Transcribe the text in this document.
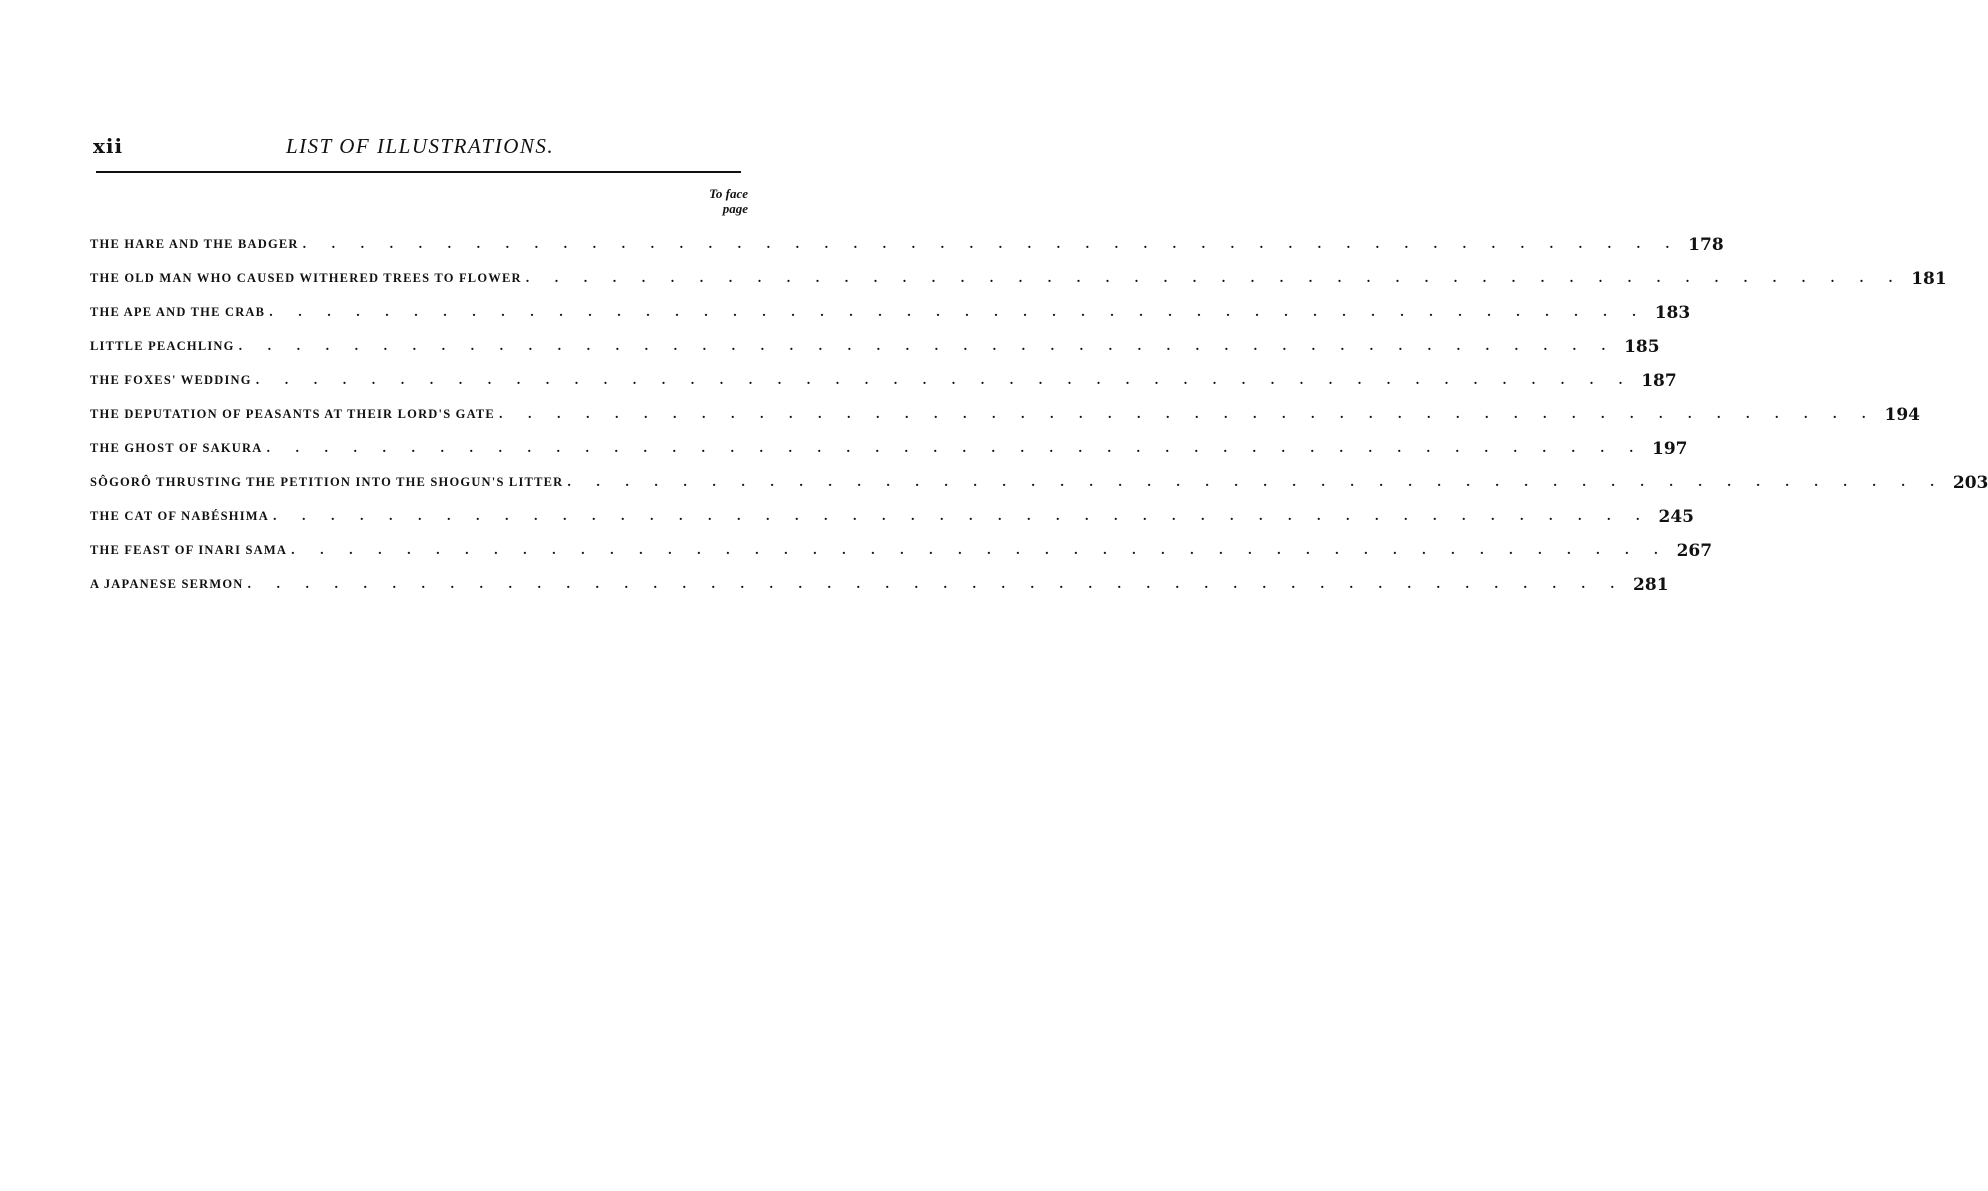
xii	LIST OF ILLUSTRATIONS.
To face
page
THE HARE AND THE BADGER . . . . . . . . . . . . . . . . . . . . . . . . . . . . . . . . . . . . . . . . . . . . . . . . 178
THE OLD MAN WHO CAUSED WITHERED TREES TO FLOWER . . . . . . . . . . . . . . . . . . . . . . . . . . . . . . . . . . . . . . . . . . . . . . . . 181
THE APE AND THE CRAB . . . . . . . . . . . . . . . . . . . . . . . . . . . . . . . . . . . . . . . . . . . . . . . . 183
LITTLE PEACHLING . . . . . . . . . . . . . . . . . . . . . . . . . . . . . . . . . . . . . . . . . . . . . . . . 185
THE FOXES' WEDDING . . . . . . . . . . . . . . . . . . . . . . . . . . . . . . . . . . . . . . . . . . . . . . . . 187
THE DEPUTATION OF PEASANTS AT THEIR LORD'S GATE . . . . . . . . . . . . . . . . . . . . . . . . . . . . . . . . . . . . . . . . . . . . . . . . 194
THE GHOST OF SAKURA . . . . . . . . . . . . . . . . . . . . . . . . . . . . . . . . . . . . . . . . . . . . . . . . 197
SÔGORÔ THRUSTING THE PETITION INTO THE SHOGUN'S LITTER . . . . . . . . . . . . . . . . . . . . . . . . . . . . . . . . . . . . . . . . . . . . . . . . 203
THE CAT OF NABÉSHIMA . . . . . . . . . . . . . . . . . . . . . . . . . . . . . . . . . . . . . . . . . . . . . . . . 245
THE FEAST OF INARI SAMA . . . . . . . . . . . . . . . . . . . . . . . . . . . . . . . . . . . . . . . . . . . . . . . . 267
A JAPANESE SERMON . . . . . . . . . . . . . . . . . . . . . . . . . . . . . . . . . . . . . . . . . . . . . . . . 281
